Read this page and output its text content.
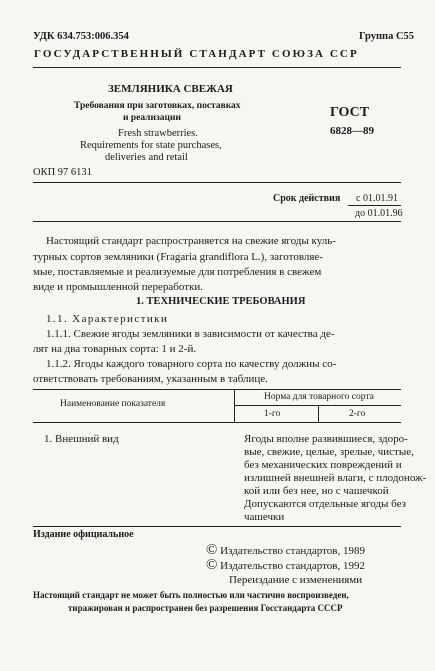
УДК 634.753:006.354	Группа С55
ГОСУДАРСТВЕННЫЙ СТАНДАРТ СОЮЗА ССР
ЗЕМЛЯНИКА СВЕЖАЯ
Требования при заготовках, поставках
и реализации
Fresh strawberries.
Requirements for state purchases,
deliveries and retail
ГОСТ
6828—89
ОКП 97 6131
Срок действия с 01.01.91
до 01.01.96
Настоящий стандарт распространяется на свежие ягоды куль-
турных сортов земляники (Fragaria grandiflora L.), заготовляе-
мые, поставляемые и реализуемые для потребления в свежем
виде и промышленной переработки.
1. ТЕХНИЧЕСКИЕ ТРЕБОВАНИЯ
1.1. Характеристики
1.1.1. Свежие ягоды земляники в зависимости от качества де-
лят на два товарных сорта: 1 и 2-й.
1.1.2. Ягоды каждого товарного сорта по качеству должны со-
ответствовать требованиям, указанным в таблице.
Наименование показателя
Норма для товарного сорта
1-го	2-го
1. Внешний вид	Ягоды вполне развившиеся, здоро-
вые, свежие, целые, зрелые, чистые,
без механических повреждений и
излишней внешней влаги, с плодонож-
кой или без нее, но с чашечкой
Допускаются отдельные ягоды без
чашечки
Издание официальное
© Издательство стандартов, 1989
© Издательство стандартов, 1992
Переиздание с изменениями
Настоящий стандарт не может быть полностью или частично воспроизведен,
тиражирован и распространен без разрешения Госстандарта СССР
